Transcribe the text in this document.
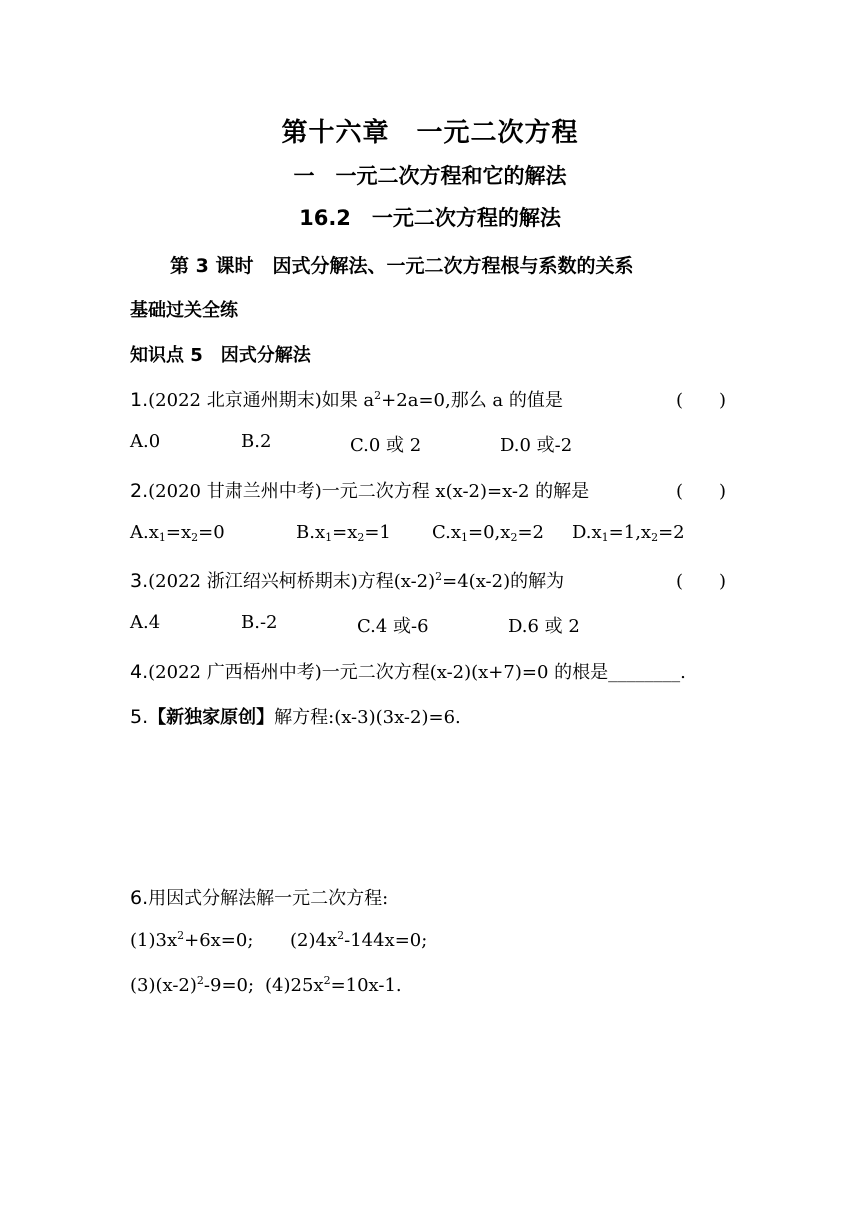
第十六章　一元二次方程
一　一元二次方程和它的解法
16.2　一元二次方程的解法
第 3 课时　因式分解法、一元二次方程根与系数的关系
基础过关全练
知识点 5　因式分解法
1.(2022 北京通州期末)如果 $a^2+2a=0$,那么 a 的值是	(　　)
A.0	B.2	C.0 或 2	D.0 或-2
2.(2020 甘肃兰州中考)一元二次方程 x(x-2)=x-2 的解是	(　　)
$A.x_1=x_2=0$	$B.x_1=x_2=1$ $C.x_1=0,x_2=2$ $D.x_1=1,x_2=2$
3.(2022 浙江绍兴柯桥期末)方程$(x-2)^2=4(x-2)$的解为	(　　)
A.4	B.-2	C.4 或-6	D.6 或 2
4.(2022 广西梧州中考)一元二次方程(x-2)(x+7)=0 的根是________.
5.【新独家原创】解方程:(x-3)(3x-2)=6.
6.用因式分解法解一元二次方程:
$(1)3x^2+6x=0$; $(2)4x^2-144x=0$;
$(3)(x-2)^2-9=0$; $(4)25x^2=10x-1$.
